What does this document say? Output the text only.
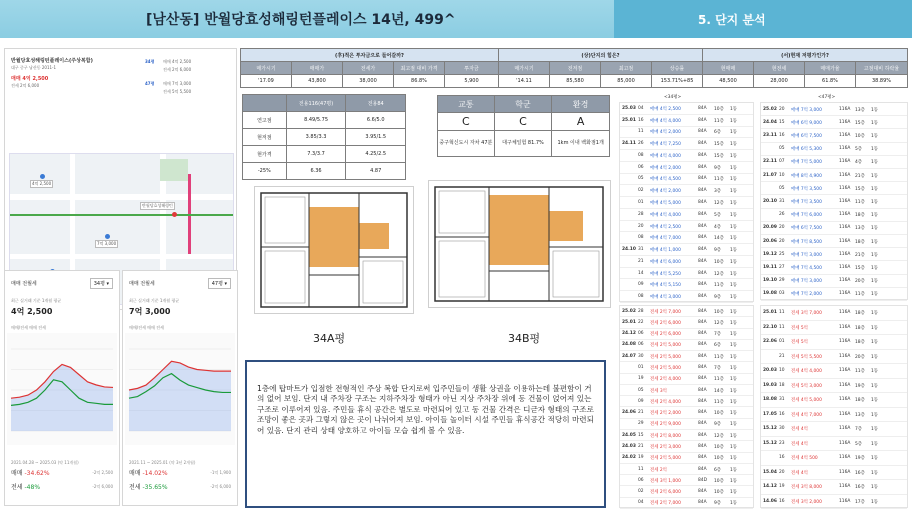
[남산동] 반월당효성해링턴플레이스 14년, 499^	5. 단지 분석
반월당효성해링턴플레이스(주상복합)
대구 중구 남산동 2011-1
매매 4억 2,500
전세 2억 6,000
34평 매매 4억 2,500
전세 2억 6,000
47평 매매 7억 3,000
전세 5억 5,500
반월당효성해링턴
4억 2,500
7억 3,000
매매 전월세	34평 ▾
최근 실거래 기준 1개월 평균
4억 2,500
매매/전세 매매 전세
2021.04.28 ~ 2025.03 (약 11개월)
매매 -34.62%	-2억 2,500
전세 -48%	-2억 6,000
매매 전월세	47평 ▾
최근 실거래 기준 1개월 평균
7억 3,000
매매/전세 매매 전세
2021.11 ~ 2025.01 (약 3년 2개월)
매매 -14.02%	-1억 1,900
전세 -35.65%	-2억 6,000
(후)적은 투자금으로 들어갈까?					(상)단지의 힘은?				(서)현재 저평가인가?			
매가시기	매매가	전세가	최고점 대비 가격	투자금	매가시기	전저점	최고점	상승률	현매매	현전세	매매가율	고점대비 하락율
'17.09	43,800	38,000	86.8%	5,900	'14.11	85,580	85,000	153.71%+85	48,500	28,000	61.8%	38.89%
	전용116(47평)	전용84
연고점	8.49/5.75	6.6/5.0
현저점	3.85/3.3	3.95/1.5
현가격	7.3/3.7	4.25/2.5
-25%	6.36	4.87
교통	학군	환경
C	C	A
중구혁신도시 자차 47분	대구체일험 81.7%	1km 이내 백화점1개
34A평	34B평
1층에 탑마트가 입점한 전형적인 주상 복합 단지로써 입주민들이 생활 상권을 이용하는데 불편함이 거의 없어 보임. 단지 내 주차장 구조는 지하주차장 형태가 아닌 지상 주차장 위에 동 건물이 얹어져 있는 구조로 이루어져 있음. 주민들 휴식 공간은 별도로 마련되어 있고 동 건물 간격은 디귿자 형태의 구조로 조망이 좋은 곳과 그렇지 않은 곳이 나뉘어져 보임. 아이들 놀이터 시설 주민들 휴식공간 적당히 마련되어 있음. 단지 관리 상태 양호하고 아이들 모습 쉽게 볼 수 있음.
25.03 04 매매 4억 2,500	84A 10층 1동
25.01 16 매매 4억 4,000	84A 11층 1동
11 매매 4억 2,000	84A 6층 1동
24.11 26 매매 4억 7,250	84A 15층 1동
08 매매 4억 4,000	84A 15층 1동
06 매매 4억 2,000	84A 9층 1동
05 매매 4억 4,500	84A 11층 1동
02 매매 4억 2,000	84A 3층 1동
01 매매 4억 5,000	84A 12층 1동
28 매매 4억 4,000	84A 5층 1동
20 매매 4억 2,500	84A 4층 1동
08 매매 4억 7,000	84A 14층 1동
24.10 31 매매 4억 1,000	84A 9층 1동
21 매매 4억 6,000	84A 10층 1동
14 매매 4억 5,250	84A 12층 1동
09 매매 4억 5,150	84A 11층 1동
08 매매 4억 3,000	84A 9층 1동
25.02 28 전세 2억 7,000	84A 10층 1동
25.01 22 전세 2억 6,000	84A 12층 1동
24.12 06 전세 2억 6,000	84A 7층 1동
24.08 06 전세 2억 5,000	84A 6층 1동
24.07 30 전세 2억 5,000	84A 11층 1동
01 전세 2억 5,000	84A 7층 1동
19 전세 2억 4,000	84A 11층 1동
05 전세 3억	84A 14층 1동
09 전세 2억 4,000	84A 11층 1동
24.06 21 전세 2억 2,000	84A 10층 1동
29 전세 2억 9,000	84A 9층 1동
24.05 15 전세 2억 8,000	84A 12층 1동
24.03 21 전세 2억 3,000	84A 10층 1동
24.02 19 전세 2억 5,000	84A 10층 1동
11 전세 2억	84A 6층 1동
06 전세 3억 1,000	84D 10층 1동
02 전세 2억 6,000	84A 10층 1동
04 전세 2억 7,000	84A 9층 1동
<34평>
25.02 20 매매 7억 3,000	116A 13층 1동
24.04 15 매매 6억 9,000	116A 15층 1동
23.11 16 매매 6억 7,500	116A 10층 1동
05 매매 6억 5,300	116A 5층 1동
22.11 07 매매 7억 5,000	116A 4층 1동
21.07 10 매매 8억 4,900	116A 21층 1동
05 매매 7억 3,500	116A 15층 1동
20.10 31 매매 7억 3,500	116A 11층 1동
26 매매 7억 6,000	116A 18층 1동
20.09 20 매매 6억 7,500	116A 13층 1동
20.06 20 매매 7억 8,500	116A 18층 1동
19.12 25 매매 7억 3,000	116A 21층 1동
19.11 27 매매 7억 4,500	116A 15층 1동
19.10 29 매매 7억 3,000	116A 20층 1동
19.08 03 매매 7억 2,000	116A 11층 1동
25.01 11 전세 3억 7,000	116A 18층 1동
22.10 11 전세 5억	116A 18층 1동
22.06 01 전세 5억	116A 18층 1동
21 전세 5억 5,500	116A 20층 1동
20.03 10 전세 4억 4,000	116A 11층 1동
19.03 18 전세 5억 3,000	116A 19층 1동
18.08 31 전세 4억 5,000	116A 18층 1동
17.05 16 전세 4억 7,000	116A 13층 1동
15.12 30 전세 4억	116A 7층 1동
15.12 23 전세 4억	116A 5층 1동
16 전세 4억 500	116A 19층 1동
15.04 20 전세 4억	116A 16층 1동
14.12 19 전세 3억 8,000	116A 16층 1동
14.06 16 전세 3억 2,000	116A 17층 1동
<47평>
